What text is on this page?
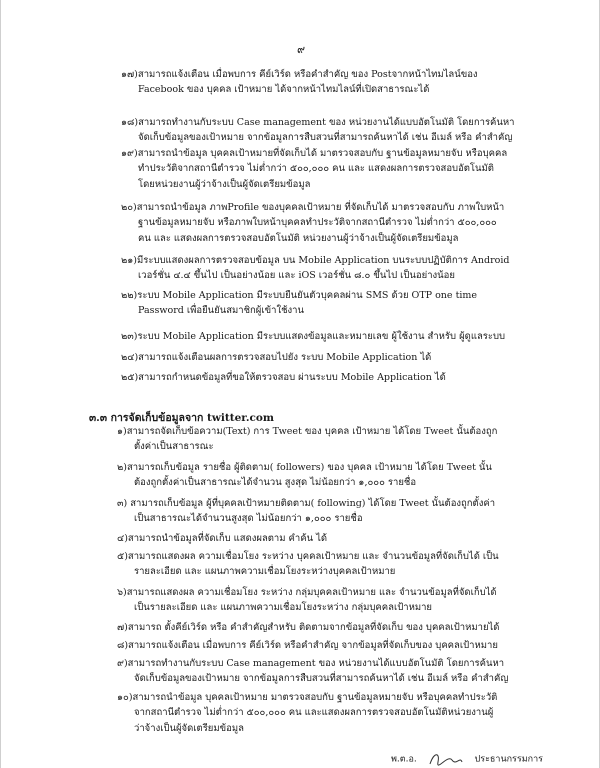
๙
๑๗)สามารถแจ้งเตือน เมื่อพบการ คีย์เวิร์ด หรือคำสำคัญ ของ Postจากหน้าไทมไลน์ของ
Facebook ของ บุคคล เป้าหมาย ได้จากหน้าไทมไลน์ที่เปิดสาธารณะได้
๑๘)สามารถทำงานกับระบบ Case management ของ หน่วยงานได้แบบอัตโนมัติ โดยการค้นหา
จัดเก็บข้อมูลของเป้าหมาย จากข้อมูลการสืบสวนที่สามารถค้นหาได้ เช่น อีเมล์ หรือ คำสำคัญ
๑๙)สามารถนำข้อมูล บุคคลเป้าหมายที่จัดเก็บได้ มาตรวจสอบกับ ฐานข้อมูลหมายจับ หรือบุคคล
ทำประวัติจากสถานีตำรวจ ไม่ต่ำกว่า ๕๐๐,๐๐๐ คน และ แสดงผลการตรวจสอบอัตโนมัติ
โดยหน่วยงานผู้ว่าจ้างเป็นผู้จัดเตรียมข้อมูล
๒๐)สามารถนำข้อมูล ภาพProfile ของบุคคลเป้าหมาย ที่จัดเก็บได้ มาตรวจสอบกับ ภาพใบหน้า
ฐานข้อมูลหมายจับ หรือภาพใบหน้าบุคคลทำประวัติจากสถานีตำรวจ ไม่ต่ำกว่า ๕๐๐,๐๐๐
คน และ แสดงผลการตรวจสอบอัตโนมัติ หน่วยงานผู้ว่าจ้างเป็นผู้จัดเตรียมข้อมูล
๒๑)มีระบบแสดงผลการตรวจสอบข้อมูล บน Mobile Application บนระบบปฏิบัติการ Android
เวอร์ชั่น ๔.๔ ขึ้นไป เป็นอย่างน้อย และ iOS เวอร์ชั่น ๘.๐ ขึ้นไป เป็นอย่างน้อย
๒๒)ระบบ Mobile Application มีระบบยืนยันตัวบุคคลผ่าน SMS ด้วย OTP one time
Password เพื่อยืนยันสมาชิกผู้เข้าใช้งาน
๒๓)ระบบ Mobile Application มีระบบแสดงข้อมูลและหมายเลข ผู้ใช้งาน สำหรับ ผู้ดูแลระบบ
๒๔)สามารถแจ้งเตือนผลการตรวจสอบไปยัง ระบบ Mobile Application ได้
๒๕)สามารถกำหนดข้อมูลที่ขอให้ตรวจสอบ ผ่านระบบ Mobile Application ได้
๓.๓ การจัดเก็บข้อมูลจาก twitter.com
๑)สามารถจัดเก็บข้อความ(Text) การ Tweet ของ บุคคล เป้าหมาย ได้โดย Tweet นั้นต้องถูก
ตั้งค่าเป็นสาธารณะ
๒)สามารถเก็บข้อมูล รายชื่อ ผู้ติดตาม( followers) ของ บุคคล เป้าหมาย ได้โดย Tweet นั้น
ต้องถูกตั้งค่าเป็นสาธารณะได้จำนวน สูงสุด ไม่น้อยกว่า ๑,๐๐๐ รายชื่อ
๓) สามารถเก็บข้อมูล ผู้ที่บุคคลเป้าหมายติดตาม( following) ได้โดย Tweet นั้นต้องถูกตั้งค่า
เป็นสาธารณะได้จำนวนสูงสุด ไม่น้อยกว่า ๑,๐๐๐ รายชื่อ
๔)สามารถนำข้อมูลที่จัดเก็บ แสดงผลตาม คำค้น ได้
๕)สามารถแสดงผล ความเชื่อมโยง ระหว่าง บุคคลเป้าหมาย และ จำนวนข้อมูลที่จัดเก็บได้ เป็น
รายละเอียด และ แผนภาพความเชื่อมโยงระหว่างบุคคลเป้าหมาย
๖)สามารถแสดงผล ความเชื่อมโยง ระหว่าง กลุ่มบุคคลเป้าหมาย และ จำนวนข้อมูลที่จัดเก็บได้
เป็นรายละเอียด และ แผนภาพความเชื่อมโยงระหว่าง กลุ่มบุคคลเป้าหมาย
๗)สามารถ ตั้งคีย์เวิร์ด หรือ คำสำคัญสำหรับ ติดตามจากข้อมูลที่จัดเก็บ ของ บุคคลเป้าหมายได้
๘)สามารถแจ้งเตือน เมื่อพบการ คีย์เวิร์ด หรือคำสำคัญ จากข้อมูลที่จัดเก็บของ บุคคลเป้าหมาย
๙)สามารถทำงานกับระบบ Case management ของ หน่วยงานได้แบบอัตโนมัติ โดยการค้นหา
จัดเก็บข้อมูลของเป้าหมาย จากข้อมูลการสืบสวนที่สามารถค้นหาได้ เช่น อีเมล์ หรือ คำสำคัญ
๑๐)สามารถนำข้อมูล บุคคลเป้าหมาย มาตรวจสอบกับ ฐานข้อมูลหมายจับ หรือบุคคลทำประวัติ
จากสถานีตำรวจ ไม่ต่ำกว่า ๕๐๐,๐๐๐ คน และแสดงผลการตรวจสอบอัตโนมัติหน่วยงานผู้
ว่าจ้างเป็นผู้จัดเตรียมข้อมูล
พ.ต.อ.	ประธานกรรมการ
